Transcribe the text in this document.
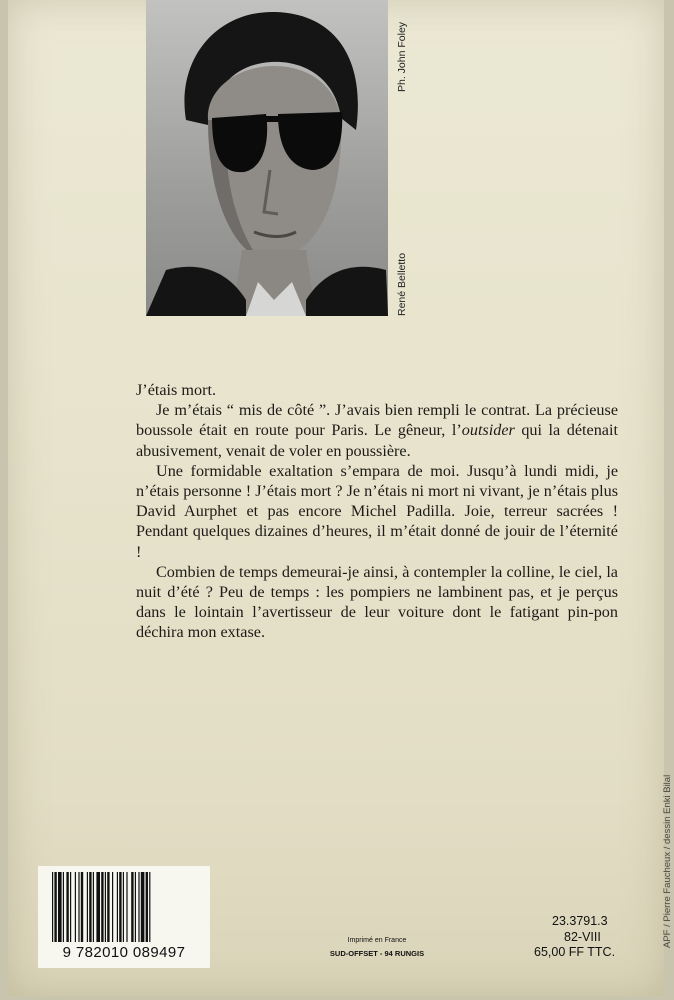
Ph. John Foley
René Belletto

J’étais mort.

Je m’étais “ mis de côté ”. J’avais bien rempli le contrat. La précieuse boussole était en route pour Paris. Le gêneur, l’outsider qui la détenait abusivement, venait de voler en poussière.

Une formidable exaltation s’empara de moi. Jusqu’à lundi midi, je n’étais personne ! J’étais mort ? Je n’étais ni mort ni vivant, je n’étais plus David Aurphet et pas encore Michel Padilla. Joie, terreur sacrées ! Pendant quelques dizaines d’heures, il m’était donné de jouir de l’éternité !

Combien de temps demeurai-je ainsi, à contempler la colline, le ciel, la nuit d’été ? Peu de temps : les pompiers ne lambinent pas, et je perçus dans le lointain l’avertisseur de leur voiture dont le fatigant pin-pon déchira mon extase.

9 782010 089497
Imprimé en France
SUD-OFFSET - 94 RUNGIS
23.3791.3
82-VIII
65,00 FF TTC.
APF / Pierre Faucheux / dessin Enki Bilal
